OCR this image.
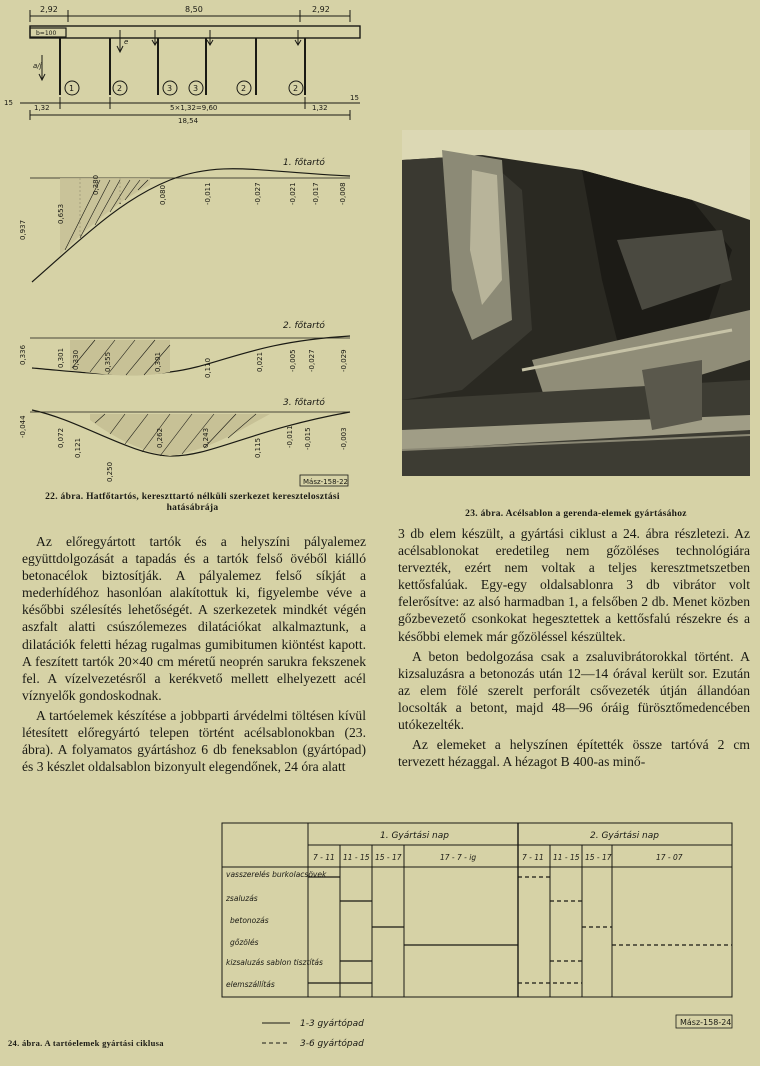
2,92	8,50	2,92
b=100
e
a/j
1	2	3	3	2	2
15
1,32	5×1,32=9,60
18,54
1,32
15
1. főtartó
2. főtartó
3. főtartó
0,937
0,653
0,380	0,080	-0,011	-0,027	-0,021 -0,017	-0,008
0,336	0,301 0,330	0,355	0,301	0,110	0,021	-0,005 -0,027	-0,029
-0,044	0,072 0,121
0,250
0,262	0,243	0,115	-0,011 -0,015	-0,003
Mász-158-22
22. ábra. Hatfőtartós, kereszttartó nélküli szerkezet keresztelosztási hatásábrája
23. ábra. Acélsablon a gerenda-elemek gyártásához

Az előregyártott tartók és a helyszíni pályalemez együttdolgozását a tapadás és a tartók felső övéből kiálló betonacélok biztosítják. A pályalemez felső síkját a mederhídéhoz hasonlóan alakítottuk ki, figyelembe véve a későbbi szélesítés lehetőségét. A szerkezetek mindkét végén aszfalt alatti csúszólemezes dilatációkat alkalmaztunk, a dilatációk feletti hézag rugalmas gumibitumen kiöntést kapott. A feszített tartók 20×40 cm méretű neoprén sarukra fekszenek fel. A vízelvezetésről a kerékvető mellett elhelyezett acél víznyelők gondoskodnak.

A tartóelemek készítése a jobbparti árvédelmi töltésen kívül létesített előregyártó telepen történt acélsablonokban (23. ábra). A folyamatos gyártáshoz 6 db feneksablon (gyártópad) és 3 készlet oldalsablon bizonyult elegendőnek, 24 óra alatt

3 db elem készült, a gyártási ciklust a 24. ábra részletezi. Az acélsablonokat eredetileg nem gőzöléses technológiára tervezték, ezért nem voltak a teljes keresztmetszetben kettősfalúak. Egy-egy oldalsablonra 3 db vibrátor volt felerősítve: az alsó harmadban 1, a felsőben 2 db. Menet közben gőzbevezető csonkokat hegesztettek a kettősfalú részekre és a későbbi elemek már gőzöléssel készültek.

A beton bedolgozása csak a zsaluvibrátorokkal történt. A kizsaluzásra a betonozás után 12—14 órával került sor. Ezután az elem fölé szerelt perforált csővezeték útján állandóan locsolták a betont, majd 48—96 óráig fürösztőmedencében utókezelték.

Az elemeket a helyszínen építették össze tartóvá 2 cm tervezett hézaggal. A hézagot B 400-as minő-

1. Gyártási nap	2. Gyártási nap
7 - 11 11 - 15 15 - 17	17 - 7 - ig	7 - 11 11 - 15 15 - 17	17 - 07
vasszerelés burkolacsövek
zsaluzás
betonozás
gőzölés
kizsaluzás sablon tisztítás
elemszállítás
1-3 gyártópad
3-6 gyártópad
Mász-158-24
24. ábra. A tartóelemek gyártási ciklusa
